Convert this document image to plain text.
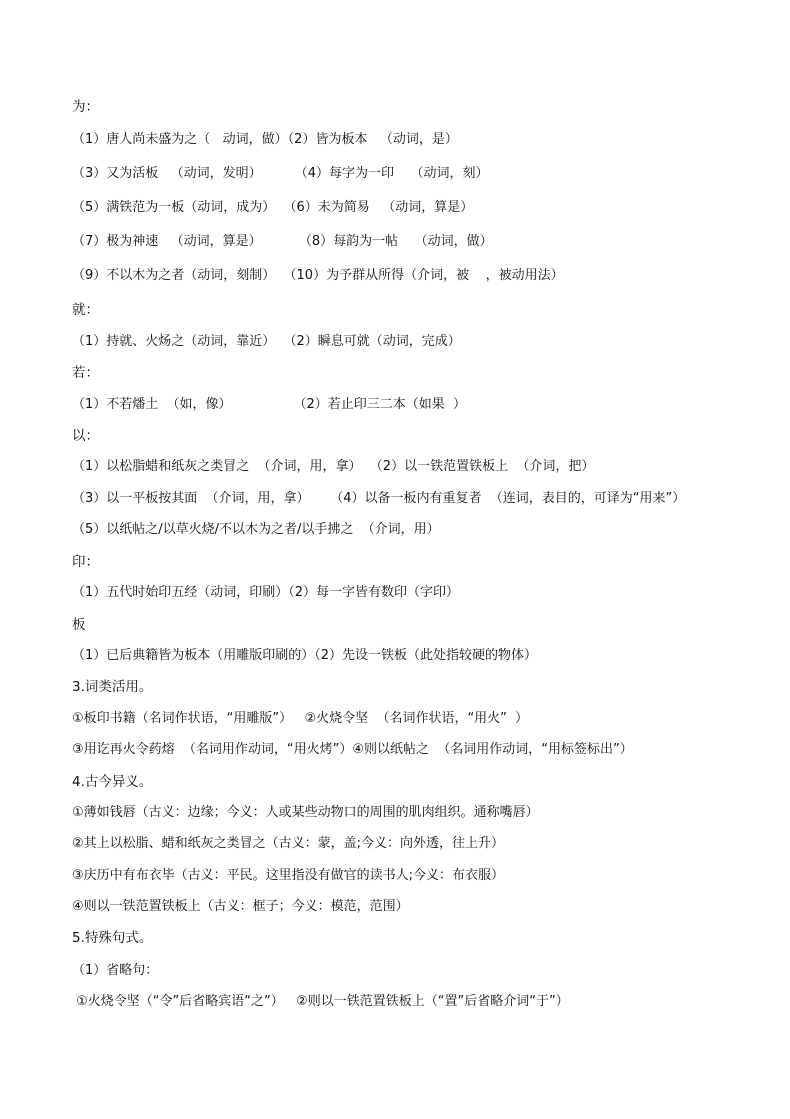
为：
（1）唐人尚未盛为之（   动词，做）（2）皆为板本   （动词，是）
（3）又为活板   （动词，发明）        （4）每字为一印    （动词，刻）
（5）满铁范为一板（动词，成为）  （6）未为简易   （动词，算是）
（7）极为神速   （动词，算是）         （8）每韵为一帖    （动词，做）
（9）不以木为之者（动词，刻制）  （10）为予群从所得（介词，被    ，被动用法）
就：
（1）持就、火炀之（动词，靠近）  （2）瞬息可就（动词，完成）
若：
（1）不若燔土  （如，像）               （2）若止印三二本（如果  ）
以：
（1）以松脂蜡和纸灰之类冒之  （介词，用，拿）  （2）以一铁范置铁板上  （介词，把）
（3）以一平板按其面  （介词，用，拿）     （4）以备一板内有重复者  （连词，表目的，可译为“用来”）
（5）以纸帖之/以草火烧/不以木为之者/以手拂之  （介词，用）
印：
（1）五代时始印五经（动词，印刷）（2）每一字皆有数印（字印）
板
（1）已后典籍皆为板本（用雕版印刷的）（2）先设一铁板（此处指较硬的物体）
3.词类活用。
①板印书籍（名词作状语，“用雕版”）   ②火烧令坚  （名词作状语，“用火”  ）
③用讫再火令药熔  （名词用作动词，“用火烤”）④则以纸帖之  （名词用作动词，“用标签标出”）
4.古今异义。
①薄如钱唇（古义：边缘；今义：人或某些动物口的周围的肌肉组织。通称嘴唇）
②其上以松脂、蜡和纸灰之类冒之（古义：蒙，盖;今义：向外透，往上升）
③庆历中有布衣毕（古义：平民。这里指没有做官的读书人;今义：布衣服）
④则以一铁范置铁板上（古义：框子；今义：模范，范围）
5.特殊句式。
（1）省略句：
①火烧令坚（“令”后省略宾语“之”）   ②则以一铁范置铁板上（“置”后省略介词“于”）
